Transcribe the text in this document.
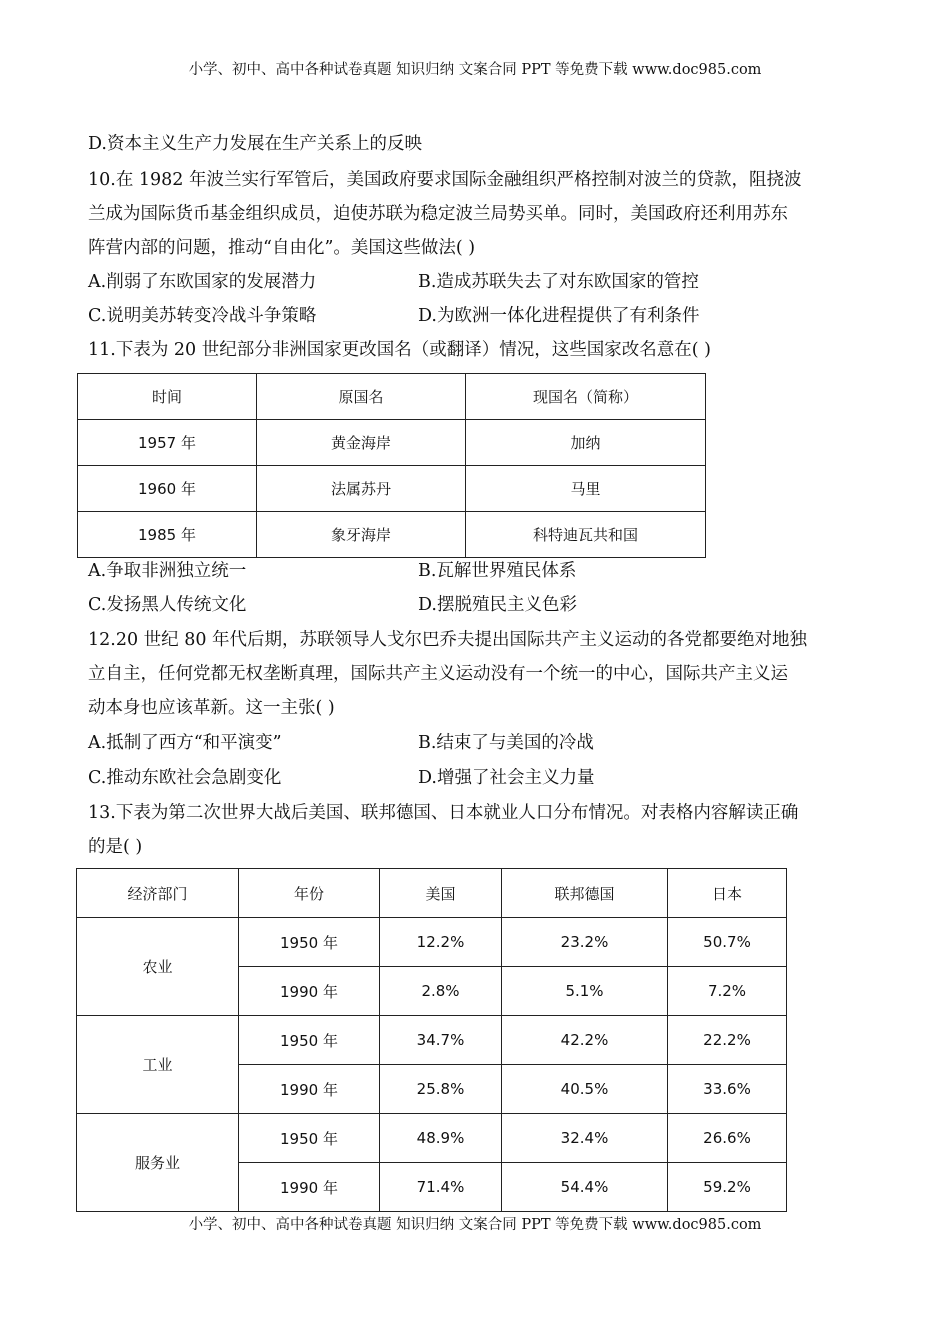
小学、初中、高中各种试卷真题 知识归纳 文案合同 PPT 等免费下载 www.doc985.com
D.资本主义生产力发展在生产关系上的反映
10.在 1982 年波兰实行军管后，美国政府要求国际金融组织严格控制对波兰的贷款，阻挠波
兰成为国际货币基金组织成员，迫使苏联为稳定波兰局势买单。同时，美国政府还利用苏东
阵营内部的问题，推动“自由化”。美国这些做法( )
A.削弱了东欧国家的发展潜力	B.造成苏联失去了对东欧国家的管控
C.说明美苏转变冷战斗争策略	D.为欧洲一体化进程提供了有利条件
11.下表为 20 世纪部分非洲国家更改国名（或翻译）情况，这些国家改名意在( )
时间	原国名	现国名（简称）
1957 年	黄金海岸	加纳
1960 年	法属苏丹	马里
1985 年	象牙海岸	科特迪瓦共和国
A.争取非洲独立统一	B.瓦解世界殖民体系
C.发扬黑人传统文化	D.摆脱殖民主义色彩
12.20 世纪 80 年代后期，苏联领导人戈尔巴乔夫提出国际共产主义运动的各党都要绝对地独
立自主，任何党都无权垄断真理，国际共产主义运动没有一个统一的中心，国际共产主义运
动本身也应该革新。这一主张( )
A.抵制了西方“和平演变”	B.结束了与美国的冷战
C.推动东欧社会急剧变化	D.增强了社会主义力量
13.下表为第二次世界大战后美国、联邦德国、日本就业人口分布情况。对表格内容解读正确
的是( )
经济部门	年份	美国	联邦德国	日本
农业	1950 年	12.2%	23.2%	50.7%
	1990 年	2.8%	5.1%	7.2%
工业	1950 年	34.7%	42.2%	22.2%
	1990 年	25.8%	40.5%	33.6%
服务业	1950 年	48.9%	32.4%	26.6%
	1990 年	71.4%	54.4%	59.2%
小学、初中、高中各种试卷真题 知识归纳 文案合同 PPT 等免费下载 www.doc985.com
